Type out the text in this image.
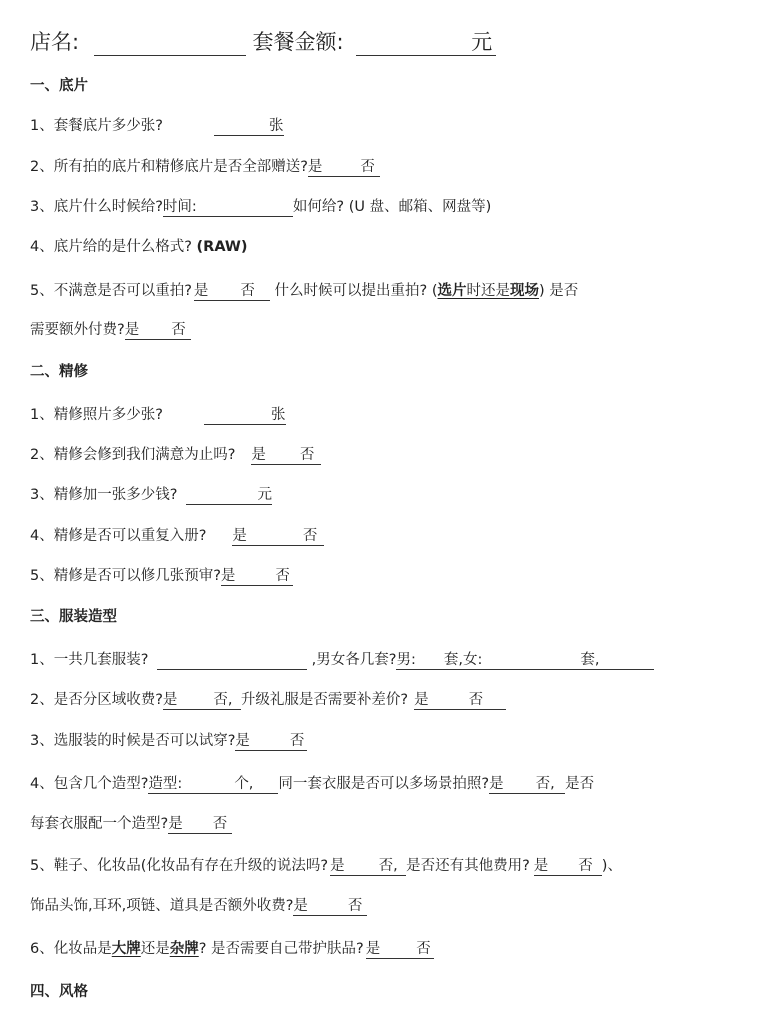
店名:	套餐金额:	元
一、底片
1、套餐底片多少张?	张
2、所有拍的底片和精修底片是否全部赠送?是	否
3、底片什么时候给?时间:	如何给? (U 盘、邮箱、网盘等)
4、底片给的是什么格式? (RAW)
5、不满意是否可以重拍? 是 否 什么时候可以提出重拍? (选片时还是现场) 是否
需要额外付费?是 否
二、精修
1、精修照片多少张?	张
2、精修会修到我们满意为止吗? 是 否
3、精修加一张多少钱?	元
4、精修是否可以重复入册? 是	否
5、精修是否可以修几张预审?是	否
三、服装造型
1、一共几套服装?	,男女各几套?男: 套,女:	套,
2、是否分区域收费?是 否, 升级礼服是否需要补差价? 是	否
3、选服装的时候是否可以试穿?是	否
4、包含几个造型?造型:	个, 同一套衣服是否可以多场景拍照?是 否, 是否
每套衣服配一个造型?是 否
5、鞋子、化妆品(化妆品有存在升级的说法吗? 是 否, 是否还有其他费用? 是 否 )、
饰品头饰,耳环,项链、道具是否额外收费?是	否
6、化妆品是大牌还是杂牌? 是否需要自己带护肤品? 是 否
四、风格
